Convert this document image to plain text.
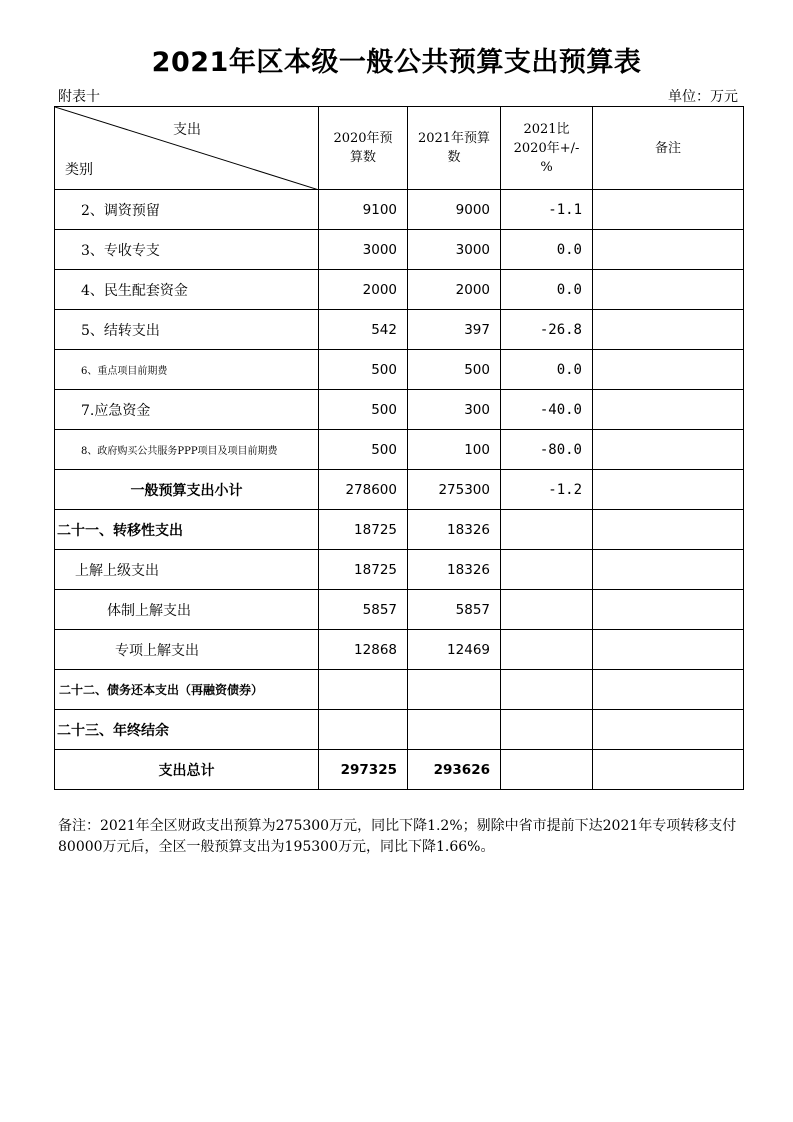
2021年区本级一般公共预算支出预算表
附表十	单位：万元
支出
类别	2020年预算数	2021年预算数	2021比2020年+/-%	备注
2、调资预留	9100	9000	-1.1	
3、专收专支	3000	3000	0.0	
4、民生配套资金	2000	2000	0.0	
5、结转支出	542	397	-26.8	
6、重点项目前期费	500	500	0.0	
7.应急资金	500	300	-40.0	
8、政府购买公共服务PPP项目及项目前期费	500	100	-80.0	
一般预算支出小计	278600	275300	-1.2	
二十一、转移性支出	18725	18326		
上解上级支出	18725	18326		
体制上解支出	5857	5857		
专项上解支出	12868	12469		
二十二、债务还本支出（再融资债券）				
二十三、年终结余				
支出总计	297325	293626		
备注：2021年全区财政支出预算为275300万元，同比下降1.2%；剔除中省市提前下达2021年专项转移支付80000万元后，全区一般预算支出为195300万元，同比下降1.66%。
